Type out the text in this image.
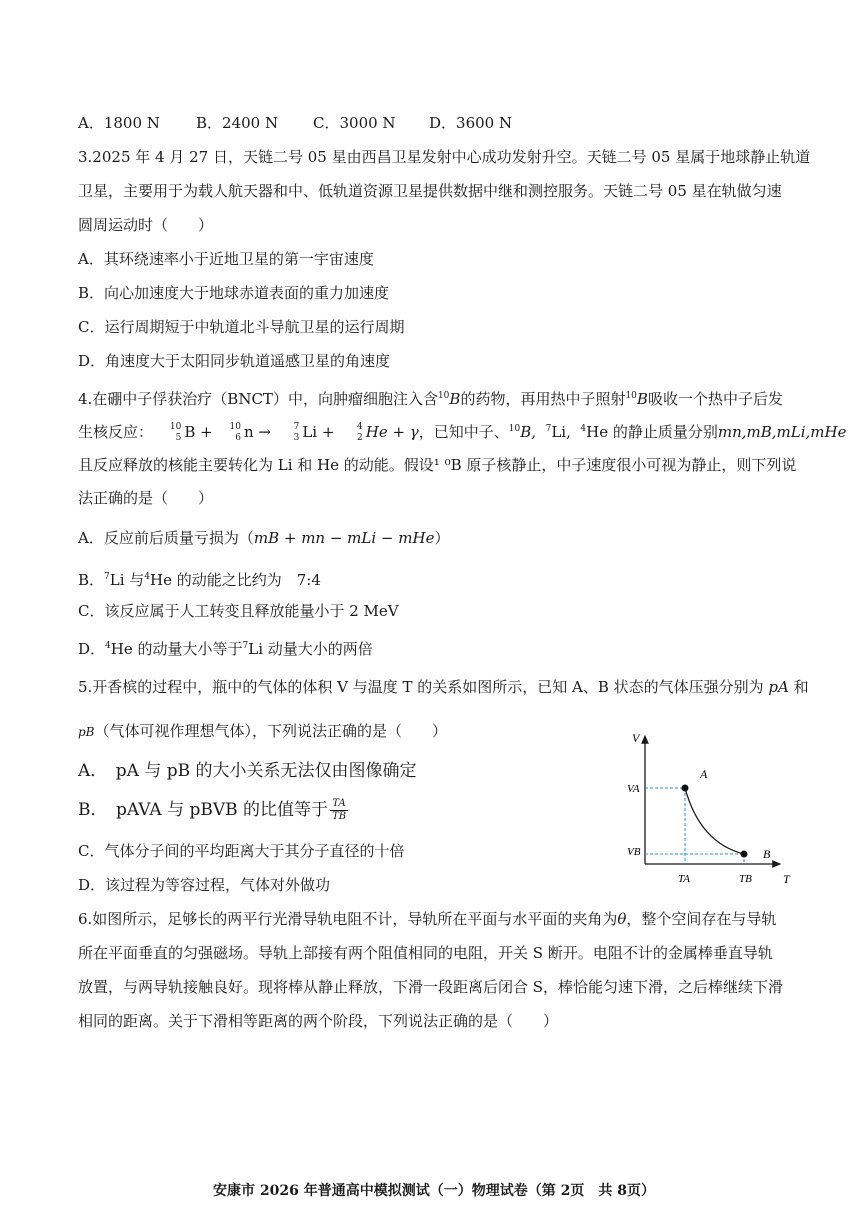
A．1800 N B．2400 N C．3000 N D．3600 N
3.2025 年 4 月 27 日，天链二号 05 星由西昌卫星发射中心成功发射升空。天链二号 05 星属于地球静止轨道
卫星，主要用于为载人航天器和中、低轨道资源卫星提供数据中继和测控服务。天链二号 05 星在轨做匀速
圆周运动时（　　）
A．其环绕速率小于近地卫星的第一宇宙速度
B．向心加速度大于地球赤道表面的重力加速度
C．运行周期短于中轨道北斗导航卫星的运行周期
D．角速度大于太阳同步轨道遥感卫星的角速度
4.在硼中子俘获治疗（BNCT）中，向肿瘤细胞注入含$^{10}$B的药物，再用热中子照射$^{10}$B吸收一个热中子后发
生核反应： 10
5 B + 10
6 n →	7
3 Li +	4
2 He + γ，已知中子、$^{10}$B, $^7$Li, $^4$He 的静止质量分别mn,mB,mLi,mHe
且反应释放的核能主要转化为 Li 和 He 的动能。假设¹ ⁰B 原子核静止，中子速度很小可视为静止，则下列说
法正确的是（　　）
A．反应前后质量亏损为（mB + mn − mLi − mHe）
B．$^7$Li 与$^4$He 的动能之比约为　7:4
C．该反应属于人工转变且释放能量小于 2 MeV
D．$^4$He 的动量大小等于$^7$Li 动量大小的两倍
5.开香槟的过程中，瓶中的气体的体积 V 与温度 T 的关系如图所示，已知 A、B 状态的气体压强分别为 pA 和
pB（气体可视作理想气体），下列说法正确的是（　　）
A．　pA 与 pB 的大小关系无法仅由图像确定
B．　pAVA 与 pBVB 的比值等于 $\frac{TA}{TB}$
C．气体分子间的平均距离大于其分子直径的十倍
D．该过程为等容过程，气体对外做功
V
T
VA
VB
TA	TB
A
B
6.如图所示，足够长的两平行光滑导轨电阻不计，导轨所在平面与水平面的夹角为θ，整个空间存在与导轨
所在平面垂直的匀强磁场。导轨上部接有两个阻值相同的电阻，开关 S 断开。电阻不计的金属棒垂直导轨
放置，与两导轨接触良好。现将棒从静止释放，下滑一段距离后闭合 S，棒恰能匀速下滑，之后棒继续下滑
相同的距离。关于下滑相等距离的两个阶段，下列说法正确的是（　　）
安康市 2026 年普通高中模拟测试（一）物理试卷（第 2页　共 8页）
